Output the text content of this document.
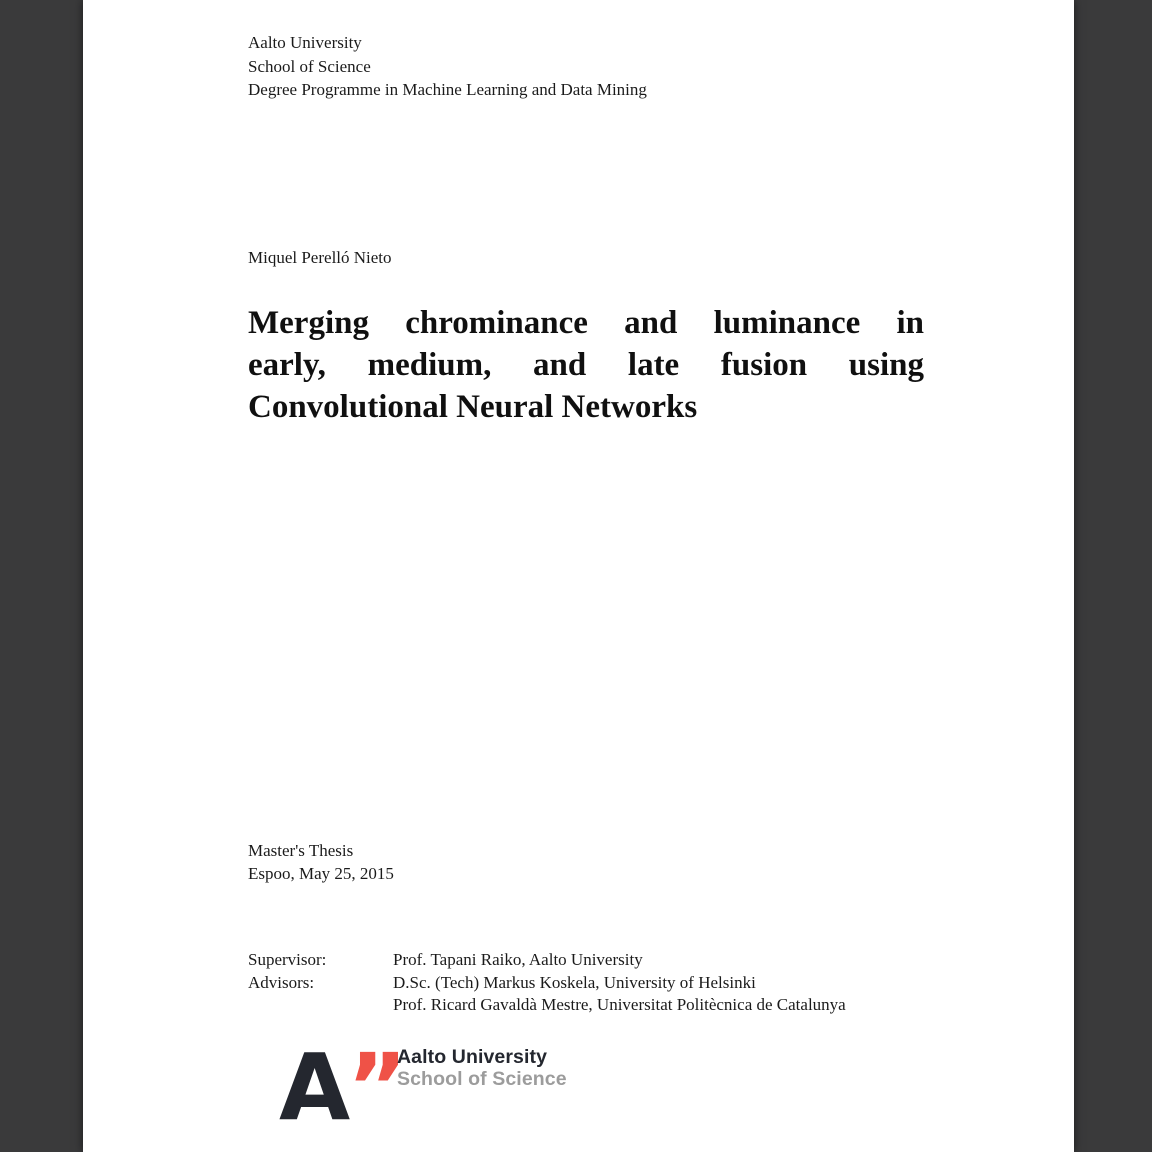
Aalto University
School of Science
Degree Programme in Machine Learning and Data Mining
Miquel Perelló Nieto
Merging chrominance and luminance in
early, medium, and late fusion using
Convolutional Neural Networks
Master's Thesis
Espoo, May 25, 2015
Supervisor:	Prof. Tapani Raiko, Aalto University
Advisors:	D.Sc. (Tech) Markus Koskela, University of Helsinki
Prof. Ricard Gavaldà Mestre, Universitat Politècnica de Catalunya
A
”
Aalto University
School of Science
